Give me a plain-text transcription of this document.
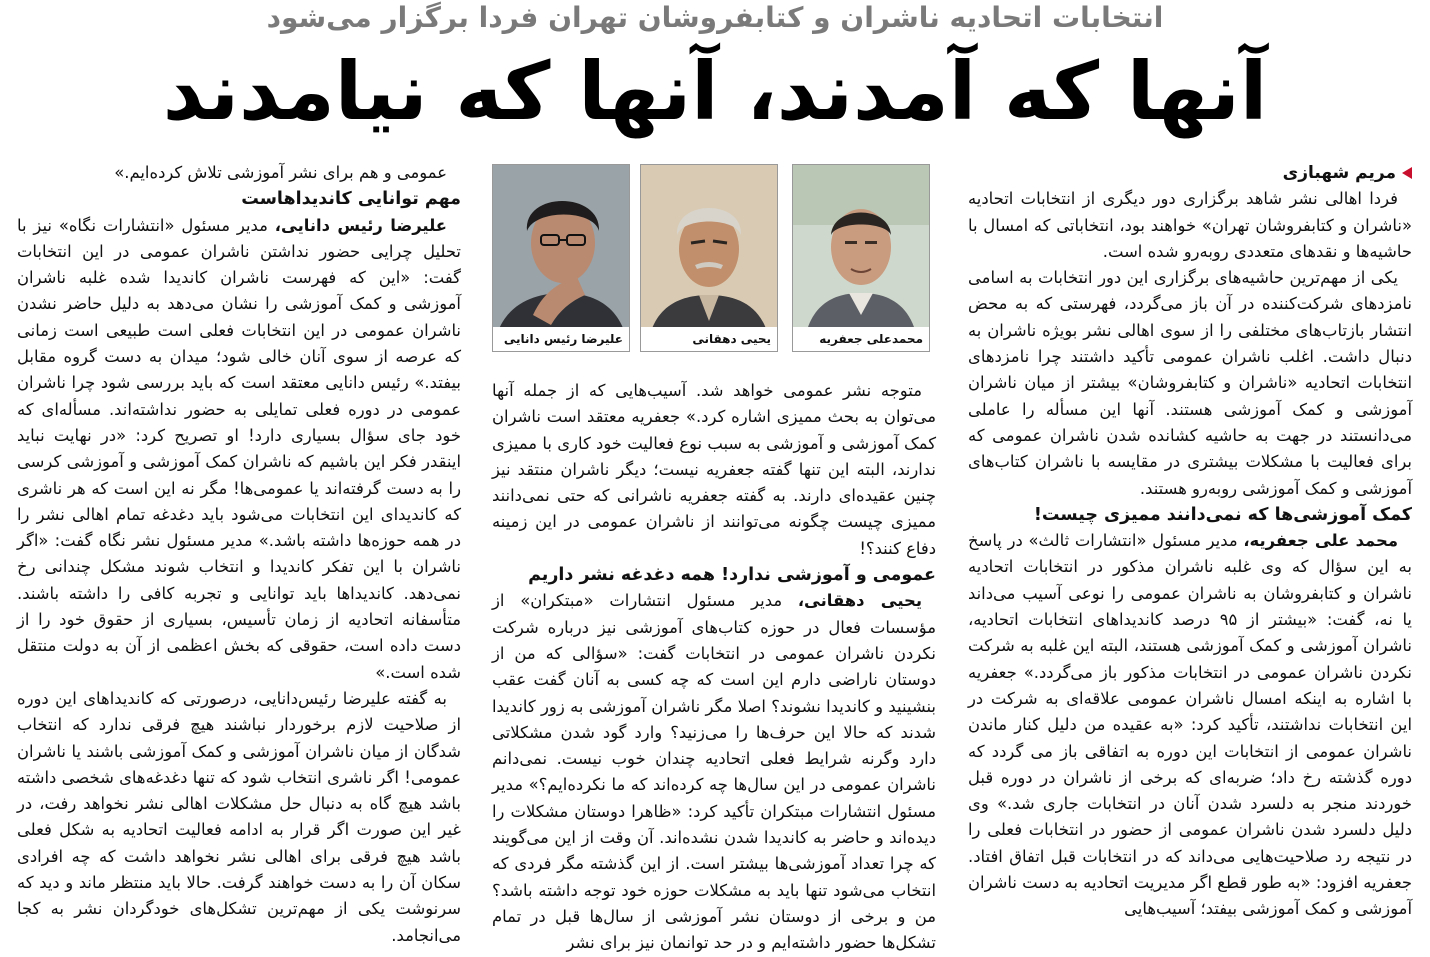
انتخابات اتحادیه ناشران و کتابفروشان تهران فردا برگزار می‌شود
آنها که آمدند، آنها که نیامدند

مریم شهبازی

فردا اهالی نشر شاهد برگزاری دور دیگری از انتخابات اتحادیه «ناشران و کتابفروشان تهران» خواهند بود، انتخاباتی که امسال با حاشیه‌ها و نقدهای متعددی روبه‌رو شده است.

یکی از مهم‌ترین حاشیه‌های برگزاری این دور انتخابات به اسامی نامزدهای شرکت‌کننده در آن باز می‌گردد، فهرستی که به محض انتشار بازتاب‌های مختلفی را از سوی اهالی نشر بویژه ناشران به دنبال داشت. اغلب ناشران عمومی تأکید داشتند چرا نامزدهای انتخابات اتحادیه «ناشران و کتابفروشان» بیشتر از میان ناشران آموزشی و کمک آموزشی هستند. آنها این مسأله را عاملی می‌دانستند در جهت به حاشیه کشانده شدن ناشران عمومی که برای فعالیت با مشکلات بیشتری در مقایسه با ناشران کتاب‌های آموزشی و کمک آموزشی روبه‌رو هستند.

کمک آموزشی‌ها که نمی‌دانند ممیزی چیست!

محمد علی جعفریه، مدیر مسئول «انتشارات ثالث» در پاسخ به این سؤال که وی غلبه ناشران مذکور در انتخابات اتحادیه ناشران و کتابفروشان به ناشران عمومی را نوعی آسیب می‌داند یا نه، گفت: «بیشتر از ۹۵ درصد کاندیداهای انتخابات اتحادیه، ناشران آموزشی و کمک آموزشی هستند، البته این غلبه به شرکت نکردن ناشران عمومی در انتخابات مذکور باز می‌گردد.» جعفریه با اشاره به اینکه امسال ناشران عمومی علاقه‌ای به شرکت در این انتخابات نداشتند، تأکید کرد: «به عقیده من دلیل کنار ماندن ناشران عمومی از انتخابات این دوره به اتفاقی باز می گردد که دوره گذشته رخ داد؛ ضربه‌ای که برخی از ناشران در دوره قبل خوردند منجر به دلسرد شدن آنان در انتخابات جاری شد.» وی دلیل دلسرد شدن ناشران عمومی از حضور در انتخابات فعلی را در نتیجه رد صلاحیت‌هایی می‌داند که در انتخابات قبل اتفاق افتاد. جعفریه افزود: «به طور قطع اگر مدیریت اتحادیه به دست ناشران آموزشی و کمک آموزشی بیفتد؛ آسیب‌هایی

محمدعلی جعفریه
یحیی دهقانی
علیرضا رئیس دانایی

متوجه نشر عمومی خواهد شد. آسیب‌هایی که از جمله آنها می‌توان به بحث ممیزی اشاره کرد.» جعفریه معتقد است ناشران کمک آموزشی و آموزشی به سبب نوع فعالیت خود کاری با ممیزی ندارند، البته این تنها گفته جعفریه نیست؛ دیگر ناشران منتقد نیز چنین عقیده‌ای دارند. به گفته جعفریه ناشرانی که حتی نمی‌دانند ممیزی چیست چگونه می‌توانند از ناشران عمومی در این زمینه دفاع کنند؟!

عمومی و آموزشی ندارد! همه دغدغه نشر داریم

یحیی دهقانی، مدیر مسئول انتشارات «مبتکران» از مؤسسات فعال در حوزه کتاب‌های آموزشی نیز درباره شرکت نکردن ناشران عمومی در انتخابات گفت: «سؤالی که من از دوستان ناراضی دارم این است که چه کسی به آنان گفت عقب بنشینید و کاندیدا نشوند؟ اصلا مگر ناشران آموزشی به زور کاندیدا شدند که حالا این حرف‌ها را می‌زنید؟ وارد گود شدن مشکلاتی دارد وگرنه شرایط فعلی اتحادیه چندان خوب نیست. نمی‌دانم ناشران عمومی در این سال‌ها چه کرده‌اند که ما نکرده‌ایم؟» مدیر مسئول انتشارات مبتکران تأکید کرد: «ظاهرا دوستان مشکلات را دیده‌اند و حاضر به کاندیدا شدن نشده‌اند. آن وقت از این می‌گویند که چرا تعداد آموزشی‌ها بیشتر است. از این گذشته مگر فردی که انتخاب می‌شود تنها باید به مشکلات حوزه خود توجه داشته باشد؟ من و برخی از دوستان نشر آموزشی از سال‌ها قبل در تمام تشکل‌ها حضور داشته‌ایم و در حد توانمان نیز برای نشر

عمومی و هم برای نشر آموزشی تلاش کرده‌ایم.»

مهم توانایی کاندیداهاست

علیرضا رئیس دانایی، مدیر مسئول «انتشارات نگاه» نیز با تحلیل چرایی حضور نداشتن ناشران عمومی در این انتخابات گفت: «این که فهرست ناشران کاندیدا شده غلبه ناشران آموزشی و کمک آموزشی را نشان می‌دهد به دلیل حاضر نشدن ناشران عمومی در این انتخابات فعلی است طبیعی است زمانی که عرصه از سوی آنان خالی شود؛ میدان به دست گروه مقابل بیفتد.» رئیس دانایی معتقد است که باید بررسی شود چرا ناشران عمومی در دوره فعلی تمایلی به حضور نداشته‌اند. مسأله‌ای که خود جای سؤال بسیاری دارد! او تصریح کرد: «در نهایت نباید اینقدر فکر این باشیم که ناشران کمک آموزشی و آموزشی کرسی را به دست گرفته‌اند یا عمومی‌ها! مگر نه این است که هر ناشری که کاندیدای این انتخابات می‌شود باید دغدغه تمام اهالی نشر را در همه حوزه‌ها داشته باشد.» مدیر مسئول نشر نگاه گفت: «اگر ناشران با این تفکر کاندیدا و انتخاب شوند مشکل چندانی رخ نمی‌دهد. کاندیداها باید توانایی و تجربه کافی را داشته باشند. متأسفانه اتحادیه از زمان تأسیس، بسیاری از حقوق خود را از دست داده است، حقوقی که بخش اعظمی از آن به دولت منتقل شده است.»

به گفته علیرضا رئیس‌دانایی، درصورتی که کاندیداهای این دوره از صلاحیت لازم برخوردار نباشند هیچ فرقی ندارد که انتخاب شدگان از میان ناشران آموزشی و کمک آموزشی باشند یا ناشران عمومی! اگر ناشری انتخاب شود که تنها دغدغه‌های شخصی داشته باشد هیچ گاه به دنبال حل مشکلات اهالی نشر نخواهد رفت، در غیر این صورت اگر قرار به ادامه فعالیت اتحادیه به شکل فعلی باشد هیچ فرقی برای اهالی نشر نخواهد داشت که چه افرادی سکان آن را به دست خواهند گرفت. حالا باید منتظر ماند و دید که سرنوشت یکی از مهم‌ترین تشکل‌های خودگردان نشر به کجا می‌انجامد.
